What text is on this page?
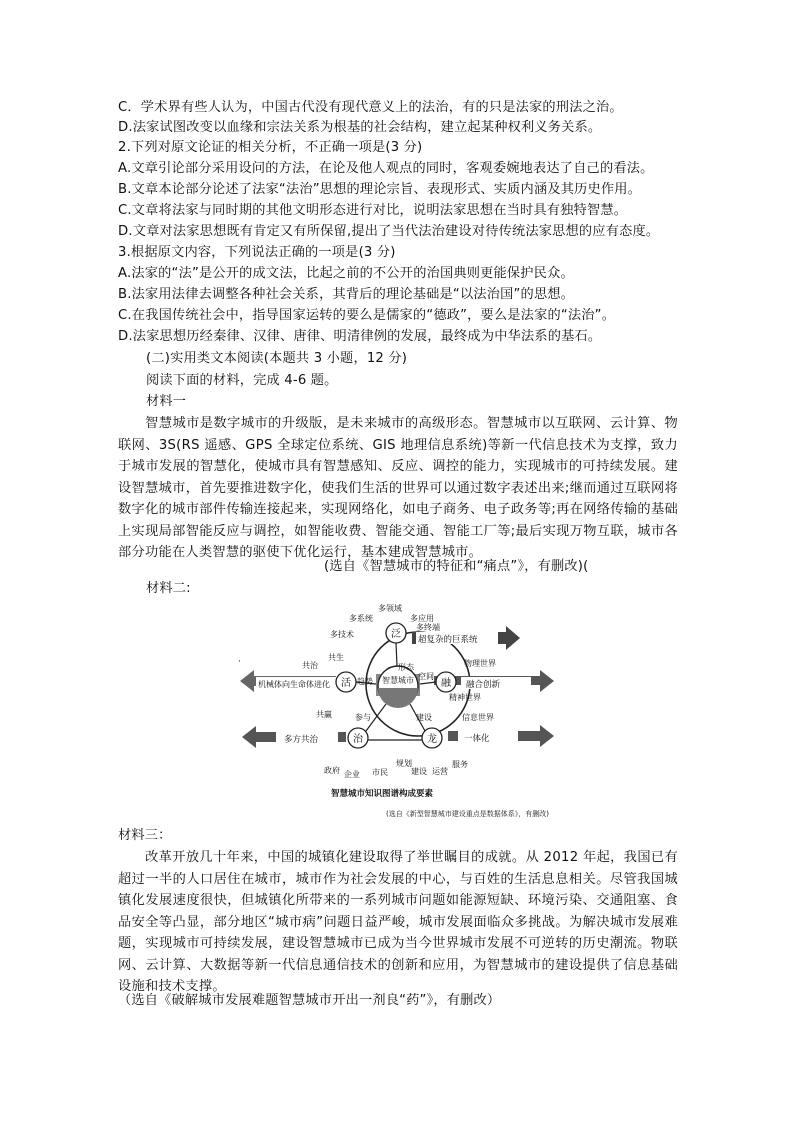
C．学术界有些人认为，中国古代没有现代意义上的法治，有的只是法家的刑法之治。
D.法家试图改变以血缘和宗法关系为根基的社会结构，建立起某种权利义务关系。
2.下列对原文论证的相关分析，不正确一项是(3 分)
A.文章引论部分采用设问的方法，在论及他人观点的同时，客观委婉地表达了自己的看法。
B.文章本论部分论述了法家“法治”思想的理论宗旨、表现形式、实质内涵及其历史作用。
C.文章将法家与同时期的其他文明形态进行对比，说明法家思想在当时具有独特智慧。
D.文章对法家思想既有肯定又有所保留,提出了当代法治建设对待传统法家思想的应有态度。
3.根据原文内容，下列说法正确的一项是(3 分)
A.法家的“法”是公开的成文法，比起之前的不公开的治国典则更能保护民众。
B.法家用法律去调整各种社会关系，其背后的理论基础是“以法治国”的思想。
C.在我国传统社会中，指导国家运转的要么是儒家的“德政”，要么是法家的“法治”。
D.法家思想历经秦律、汉律、唐律、明清律例的发展，最终成为中华法系的基石。
(二)实用类文本阅读(本题共 3 小题，12 分)
阅读下面的材料，完成 4-6 题。
材料一
智慧城市是数字城市的升级版，是未来城市的高级形态。智慧城市以互联网、云计算、物联网、3S(RS 遥感、GPS 全球定位系统、GIS 地理信息系统)等新一代信息技术为支撑，致力于城市发展的智慧化，使城市具有智慧感知、反应、调控的能力，实现城市的可持续发展。建设智慧城市，首先要推进数字化，使我们生活的世界可以通过数字表述出来;继而通过互联网将数字化的城市部件传输连接起来，实现网络化，如电子商务、电子政务等;再在网络传输的基础上实现局部智能反应与调控，如智能收费、智能交通、智能工厂等;最后实现万物互联，城市各部分功能在人类智慧的驱使下优化运行，基本建成智慧城市。
(选自《智慧城市的特征和“痛点”》，有删改)(
材料二:
超复杂的巨系统
机械体向生命体进化	融合创新
多方共治	一体化
智慧城市
泛
活	融
治	龙
多领域
多系统	多应用
多技术
多终端
共生
共治
共赢
物理世界
精神世界
信息世界
趋势
形态
空间
参与	建设
政府 企业 市民
规划
建设 运营
服务
·
智慧城市知识图谱构成要素
(选自《新型智慧城市建设重点是数据体系》，有删改)
材料三：
改革开放几十年来，中国的城镇化建设取得了举世瞩目的成就。从 2012 年起，我国已有超过一半的人口居住在城市，城市作为社会发展的中心，与百姓的生活息息相关。尽管我国城镇化发展速度很快，但城镇化所带来的一系列城市问题如能源短缺、环境污染、交通阻塞、食品安全等凸显，部分地区“城市病”问题日益严峻，城市发展面临众多挑战。为解决城市发展难题，实现城市可持续发展，建设智慧城市已成为当今世界城市发展不可逆转的历史潮流。物联网、云计算、大数据等新一代信息通信技术的创新和应用，为智慧城市的建设提供了信息基础设施和技术支撑。
（选自《破解城市发展难题智慧城市开出一剂良“药”》，有删改）
